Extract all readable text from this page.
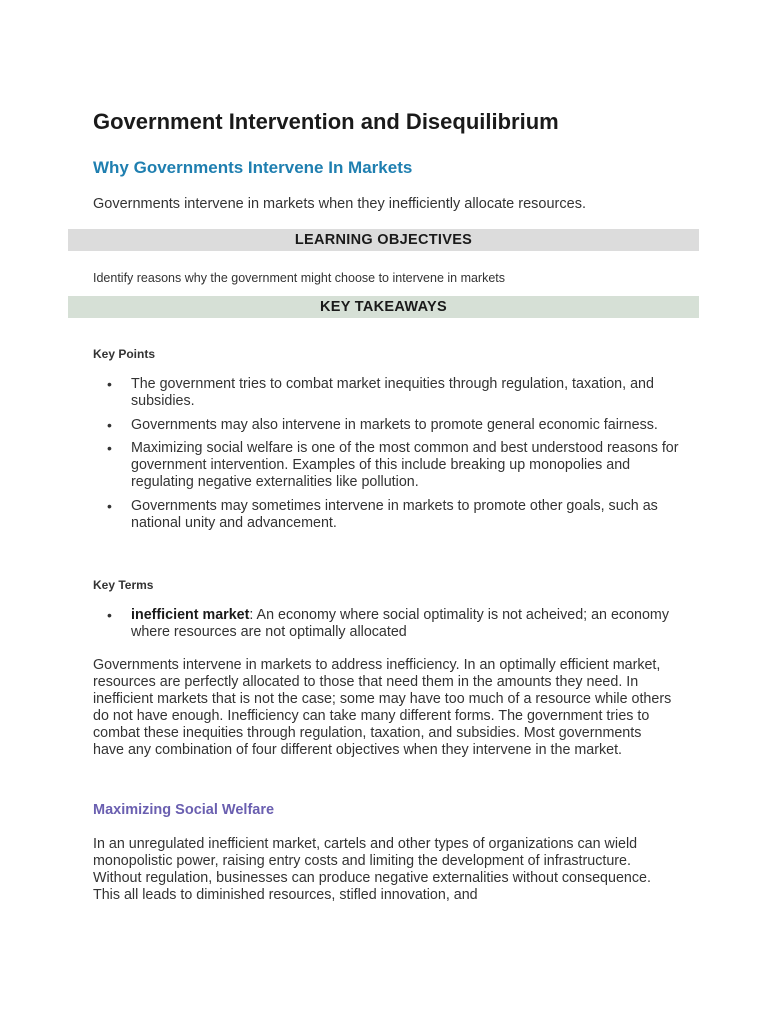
Government Intervention and Disequilibrium
Why Governments Intervene In Markets

Governments intervene in markets when they inefficiently allocate resources.

LEARNING OBJECTIVES

Identify reasons why the government might choose to intervene in markets

KEY TAKEAWAYS

Key Points

• The government tries to combat market inequities through regulation, taxation, and subsidies.
• Governments may also intervene in markets to promote general economic fairness.
• Maximizing social welfare is one of the most common and best understood reasons for government intervention. Examples of this include breaking up monopolies and regulating negative externalities like pollution.
• Governments may sometimes intervene in markets to promote other goals, such as national unity and advancement.

Key Terms

• inefficient market: An economy where social optimality is not acheived; an economy where resources are not optimally allocated

Governments intervene in markets to address inefficiency. In an optimally efficient market, resources are perfectly allocated to those that need them in the amounts they need. In inefficient markets that is not the case; some may have too much of a resource while others do not have enough. Inefficiency can take many different forms. The government tries to combat these inequities through regulation, taxation, and subsidies. Most governments have any combination of four different objectives when they intervene in the market.

Maximizing Social Welfare

In an unregulated inefficient market, cartels and other types of organizations can wield monopolistic power, raising entry costs and limiting the development of infrastructure. Without regulation, businesses can produce negative externalities without consequence. This all leads to diminished resources, stifled innovation, and
